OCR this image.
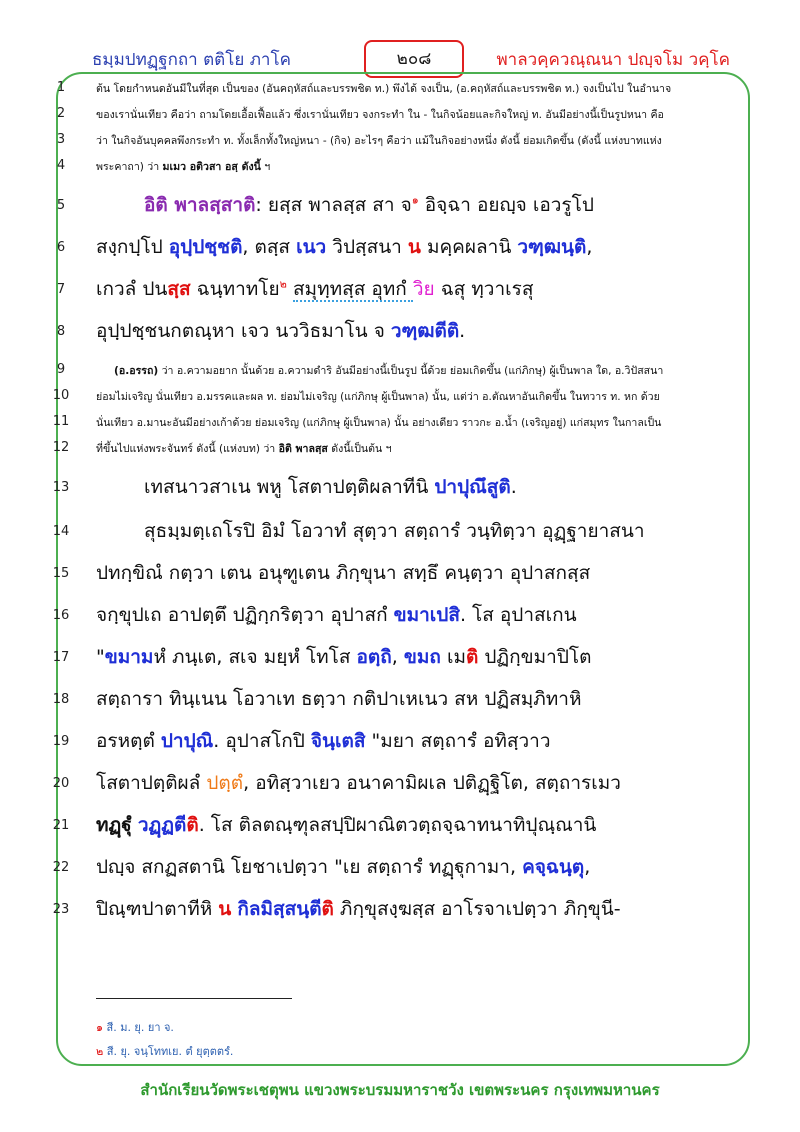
ธมฺมปทฏฺฐกถา ตติโย ภาโค	๒๐๘	พาลวคฺควณฺณนา ปญฺจโม วคฺโค
1	ต้น โดยกำหนดอันมีในที่สุด เป็นของ (อันคฤหัสถ์และบรรพชิต ท.) พึงได้ จงเป็น, (อ.คฤหัสถ์และบรรพชิต ท.) จงเป็นไป ในอำนาจ
2	ของเรานั่นเทียว คือว่า ถามโดยเอื้อเฟื้อแล้ว ซึ่งเรานั่นเทียว จงกระทำ ใน - ในกิจน้อยและกิจใหญ่ ท. อันมีอย่างนี้เป็นรูปหนา คือ
3	ว่า ในกิจอันบุคคลพึงกระทำ ท. ทั้งเล็กทั้งใหญ่หนา - (กิจ) อะไรๆ คือว่า แม้ในกิจอย่างหนึ่ง ดังนี้ ย่อมเกิดขึ้น (ดังนี้ แห่งบาทแห่ง
4	พระคาถา) ว่า มเมว อติวสา อสฺ ดังนี้ ฯ
5	อิติ พาลสฺสาติ: ยสฺส พาลสฺส สา จ$^๑$ อิจฺฉา อยญฺจ เอวรูโป
6	สงฺกปฺโป อุปฺปชฺชติ, ตสฺส เนว วิปสฺสนา น มคฺคผลานิ วฑฺฒนฺติ,
7	เกวลํ ปนสฺส ฉนฺทาทโย$^๒$ สมุทฺทสฺส อุทกํ วิย ฉสุ ทฺวาเรสุ
8	อุปฺปชฺชนกตณฺหา เจว นววิธมาโน จ วฑฺฒตีติ.
9	(อ.อรรถ) ว่า อ.ความอยาก นั้นด้วย อ.ความดำริ อันมีอย่างนี้เป็นรูป นี้ด้วย ย่อมเกิดขึ้น (แก่ภิกษุ) ผู้เป็นพาล ใด, อ.วิปัสสนา
10	ย่อมไม่เจริญ นั่นเทียว อ.มรรคและผล ท. ย่อมไม่เจริญ (แก่ภิกษุ ผู้เป็นพาล) นั้น, แต่ว่า อ.ตัณหาอันเกิดขึ้น ในทวาร ท. หก ด้วย
11	นั่นเทียว อ.มานะอันมีอย่างเก้าด้วย ย่อมเจริญ (แก่ภิกษุ ผู้เป็นพาล) นั้น อย่างเดียว ราวกะ อ.น้ำ (เจริญอยู่) แก่สมุทร ในกาลเป็น
12	ที่ขึ้นไปแห่งพระจันทร์ ดังนี้ (แห่งบท) ว่า อิติ พาลสฺส ดังนี้เป็นต้น ฯ
13	เทสนาวสาเน พหู โสตาปตฺติผลาทีนิ ปาปุณึสูติ.
14	สุธมฺมตฺเถโรปิ อิมํ โอวาทํ สุตฺวา สตฺถารํ วนฺทิตฺวา อุฏฺฐายาสนา
15	ปทกฺขิณํ กตฺวา เตน อนุฑูเตน ภิกฺขุนา สทฺธึ คนฺตฺวา อุปาสกสฺส
16	จกฺขุปเถ อาปตฺตึ ปฏิกฺกริตฺวา อุปาสกํ ขมาเปสิ. โส อุปาสเกน
17	"ขมามหํ ภนฺเต, สเจ มยฺหํ โทโส อตฺถิ, ขมถ เมติ ปฏิกฺขมาปิโต
18	สตฺถารา ทินฺเนน โอวาเท ธตฺวา กติปาเหเนว สห ปฏิสมฺภิทาหิ
19	อรหตฺตํ ปาปุณิ. อุปาสโกปิ จินฺเตสิ "มยา สตฺถารํ อทิสฺวาว
20	โสตาปตฺติผลํ ปตฺตํ, อทิสฺวาเยว อนาคามิผเล ปติฏฺฐิโต, สตฺถารเมว
21	ทฏฺฐุํ วฏฺฏตีติ. โส ติลตณฺฑุลสปฺปิผาณิตวตฺถจฺฉาทนาทิปุณฺณานิ
22	ปญฺจ สกฏสตานิ โยชาเปตฺวา "เย สตฺถารํ ทฏฺฐุกามา, คจฺฉนฺตุ,
23	ปิณฺฑปาตาทีหิ น กิลมิสฺสนฺตีติ ภิกฺขุสงฺฆสฺส อาโรจาเปตฺวา ภิกฺขุนี-
๑ สี. ม. ยุ. ยา จ.
๒ สี. ยุ. จนฺโททเย. ตํ ยุตฺตตรํ.
สำนักเรียนวัดพระเชตุพน แขวงพระบรมมหาราชวัง เขตพระนคร กรุงเทพมหานคร
